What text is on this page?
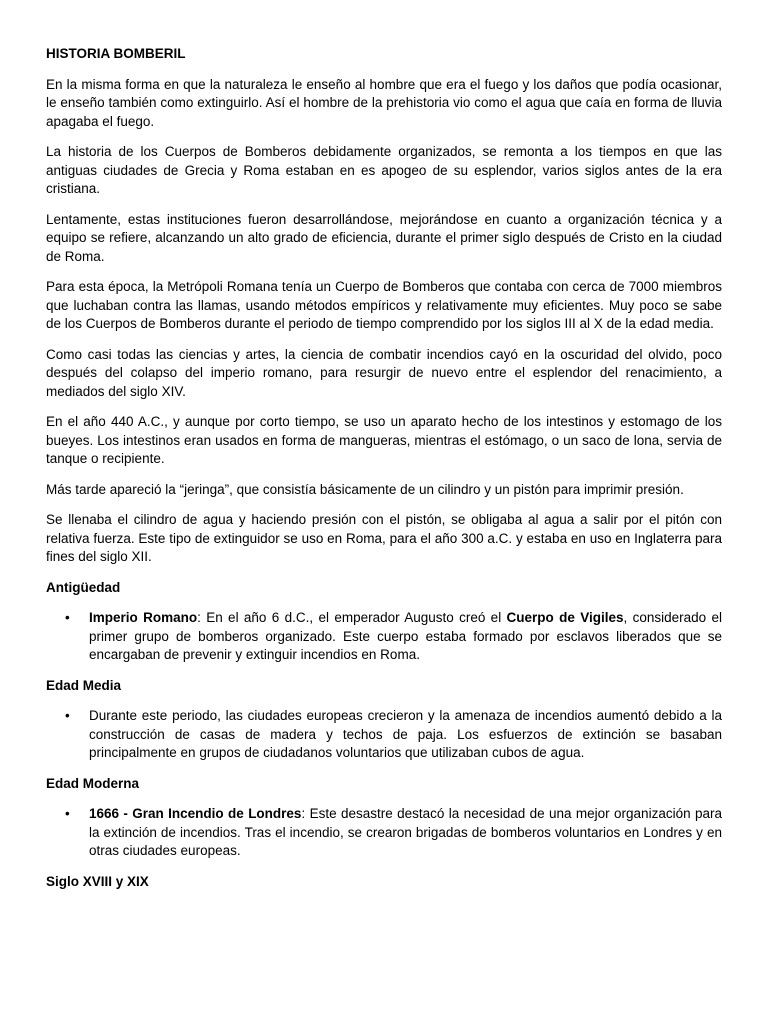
HISTORIA BOMBERIL

En la misma forma en que la naturaleza le enseño al hombre que era el fuego y los daños que podía ocasionar, le enseño también como extinguirlo. Así el hombre de la prehistoria vio como el agua que caía en forma de lluvia apagaba el fuego.

La historia de los Cuerpos de Bomberos debidamente organizados, se remonta a los tiempos en que las antiguas ciudades de Grecia y Roma estaban en es apogeo de su esplendor, varios siglos antes de la era cristiana.

Lentamente, estas instituciones fueron desarrollándose, mejorándose en cuanto a organización técnica y a equipo se refiere, alcanzando un alto grado de eficiencia, durante el primer siglo después de Cristo en la ciudad de Roma.

Para esta época, la Metrópoli Romana tenía un Cuerpo de Bomberos que contaba con cerca de 7000 miembros que luchaban contra las llamas, usando métodos empíricos y relativamente muy eficientes. Muy poco se sabe de los Cuerpos de Bomberos durante el periodo de tiempo comprendido por los siglos III al X de la edad media.

Como casi todas las ciencias y artes, la ciencia de combatir incendios cayó en la oscuridad del olvido, poco después del colapso del imperio romano, para resurgir de nuevo entre el esplendor del renacimiento, a mediados del siglo XIV.

En el año 440 A.C., y aunque por corto tiempo, se uso un aparato hecho de los intestinos y estomago de los bueyes. Los intestinos eran usados en forma de mangueras, mientras el estómago, o un saco de lona, servia de tanque o recipiente.

Más tarde apareció la “jeringa”, que consistía básicamente de un cilindro y un pistón para imprimir presión.

Se llenaba el cilindro de agua y haciendo presión con el pistón, se obligaba al agua a salir por el pitón con relativa fuerza. Este tipo de extinguidor se uso en Roma, para el año 300 a.C. y estaba en uso en Inglaterra para fines del siglo XII.

Antigüedad
• Imperio Romano: En el año 6 d.C., el emperador Augusto creó el Cuerpo de Vigiles, considerado el primer grupo de bomberos organizado. Este cuerpo estaba formado por esclavos liberados que se encargaban de prevenir y extinguir incendios en Roma.
Edad Media
• Durante este periodo, las ciudades europeas crecieron y la amenaza de incendios aumentó debido a la construcción de casas de madera y techos de paja. Los esfuerzos de extinción se basaban principalmente en grupos de ciudadanos voluntarios que utilizaban cubos de agua.
Edad Moderna
• 1666 - Gran Incendio de Londres: Este desastre destacó la necesidad de una mejor organización para la extinción de incendios. Tras el incendio, se crearon brigadas de bomberos voluntarios en Londres y en otras ciudades europeas.
Siglo XVIII y XIX
